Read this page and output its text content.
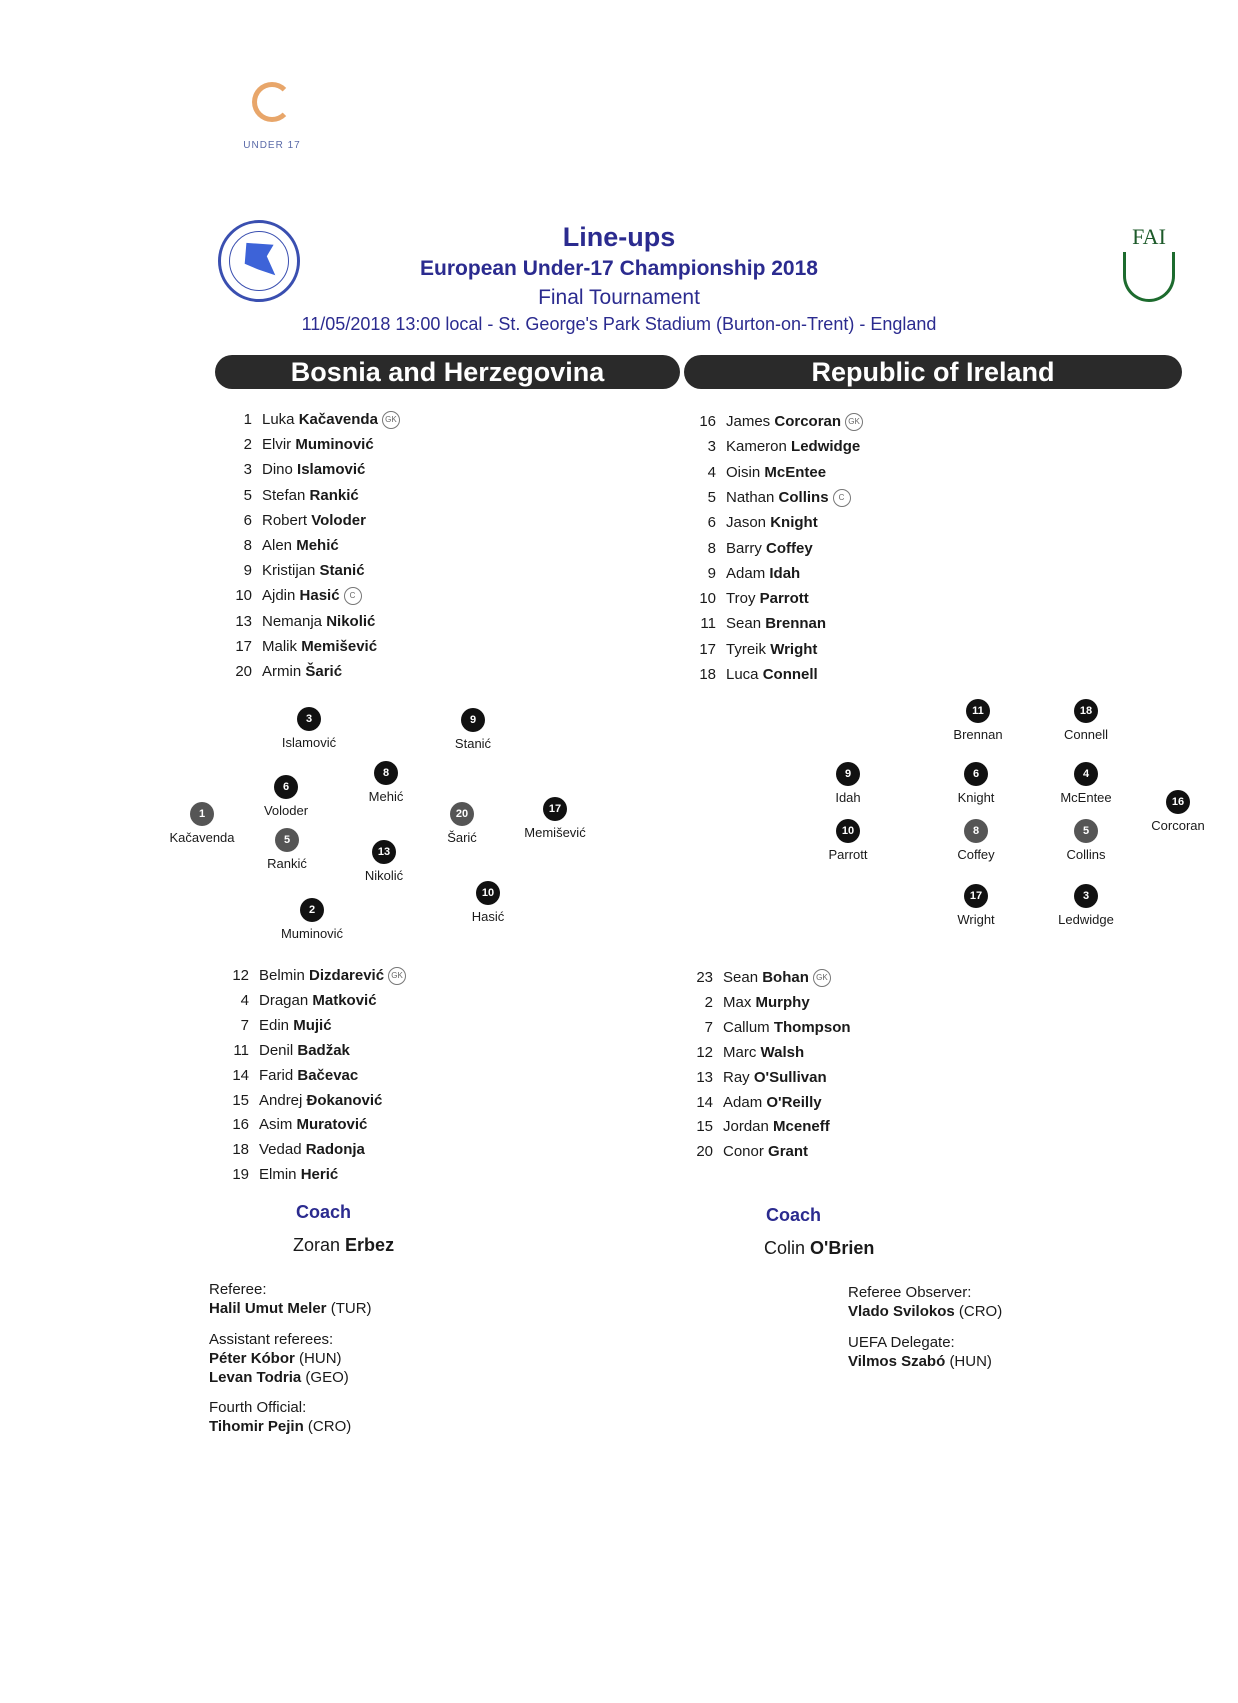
UNDER 17
FAI
Line-ups
European Under-17 Championship 2018
Final Tournament
11/05/2018 13:00 local - St. George's Park Stadium (Burton-on-Trent) - England
Bosnia and Herzegovina	Republic of Ireland
1 Luka Kačavenda GK
2 Elvir Muminović
3 Dino Islamović
5 Stefan Rankić
6 Robert Voloder
8 Alen Mehić
9 Kristijan Stanić
10 Ajdin Hasić C
13 Nemanja Nikolić
17 Malik Memišević
20 Armin Šarić
16 James Corcoran GK
3 Kameron Ledwidge
4 Oisin McEntee
5 Nathan Collins C
6 Jason Knight
8 Barry Coffey
9 Adam Idah
10 Troy Parrott
11 Sean Brennan
17 Tyreik Wright
18 Luca Connell
12 Belmin Dizdarević GK
4 Dragan Matković
7 Edin Mujić
11 Denil Badžak
14 Farid Bačevac
15 Andrej Đokanović
16 Asim Muratović
18 Vedad Radonja
19 Elmin Herić
23 Sean Bohan GK
2 Max Murphy
7 Callum Thompson
12 Marc Walsh
13 Ray O'Sullivan
14 Adam O'Reilly
15 Jordan Mceneff
20 Conor Grant
3
Islamović
9
Stanić
8
Mehić
6
Voloder
1
Kačavenda
20
Šarić
17
Memišević
5
Rankić
13
Nikolić
10
Hasić
2
Muminović
11
Brennan
18
Connell
9
Idah
6
Knight
4
McEntee	16
Corcoran
10
Parrott
8
Coffey
5
Collins
17
Wright
3
Ledwidge
Coach
Zoran Erbez
Coach
Colin O'Brien
Referee:
Halil Umut Meler (TUR)
Assistant referees:
Péter Kóbor (HUN)
Levan Todria (GEO)
Fourth Official:
Tihomir Pejin (CRO)
Referee Observer:
Vlado Svilokos (CRO)
UEFA Delegate:
Vilmos Szabó (HUN)
